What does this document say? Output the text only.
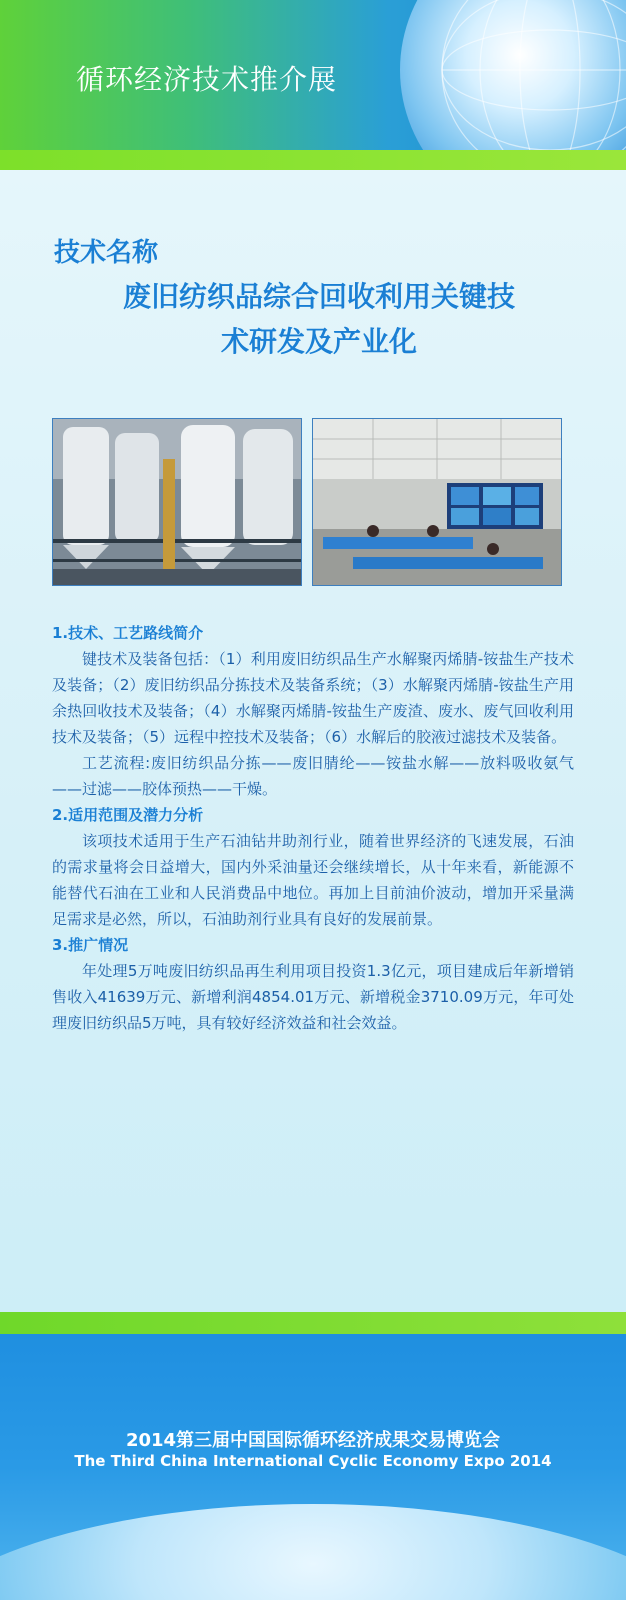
循环经济技术推介展
技术名称
废旧纺织品综合回收利用关键技
术研发及产业化
1.技术、工艺路线简介

键技术及装备包括：（1）利用废旧纺织品生产水解聚丙烯腈-铵盐生产技术及装备；（2）废旧纺织品分拣技术及装备系统；（3）水解聚丙烯腈-铵盐生产用余热回收技术及装备；（4）水解聚丙烯腈-铵盐生产废渣、废水、废气回收利用技术及装备；（5）远程中控技术及装备；（6）水解后的胶液过滤技术及装备。

工艺流程:废旧纺织品分拣——废旧腈纶——铵盐水解——放料吸收氨气——过滤——胶体预热——干燥。

2.适用范围及潜力分析

该项技术适用于生产石油钻井助剂行业，随着世界经济的飞速发展，石油的需求量将会日益增大，国内外采油量还会继续增长，从十年来看，新能源不能替代石油在工业和人民消费品中地位。再加上目前油价波动，增加开采量满足需求是必然，所以，石油助剂行业具有良好的发展前景。

3.推广情况

年处理5万吨废旧纺织品再生利用项目投资1.3亿元，项目建成后年新增销售收入41639万元、新增利润4854.01万元、新增税金3710.09万元，年可处理废旧纺织品5万吨，具有较好经济效益和社会效益。

2014第三届中国国际循环经济成果交易博览会
The Third China International Cyclic Economy Expo 2014
